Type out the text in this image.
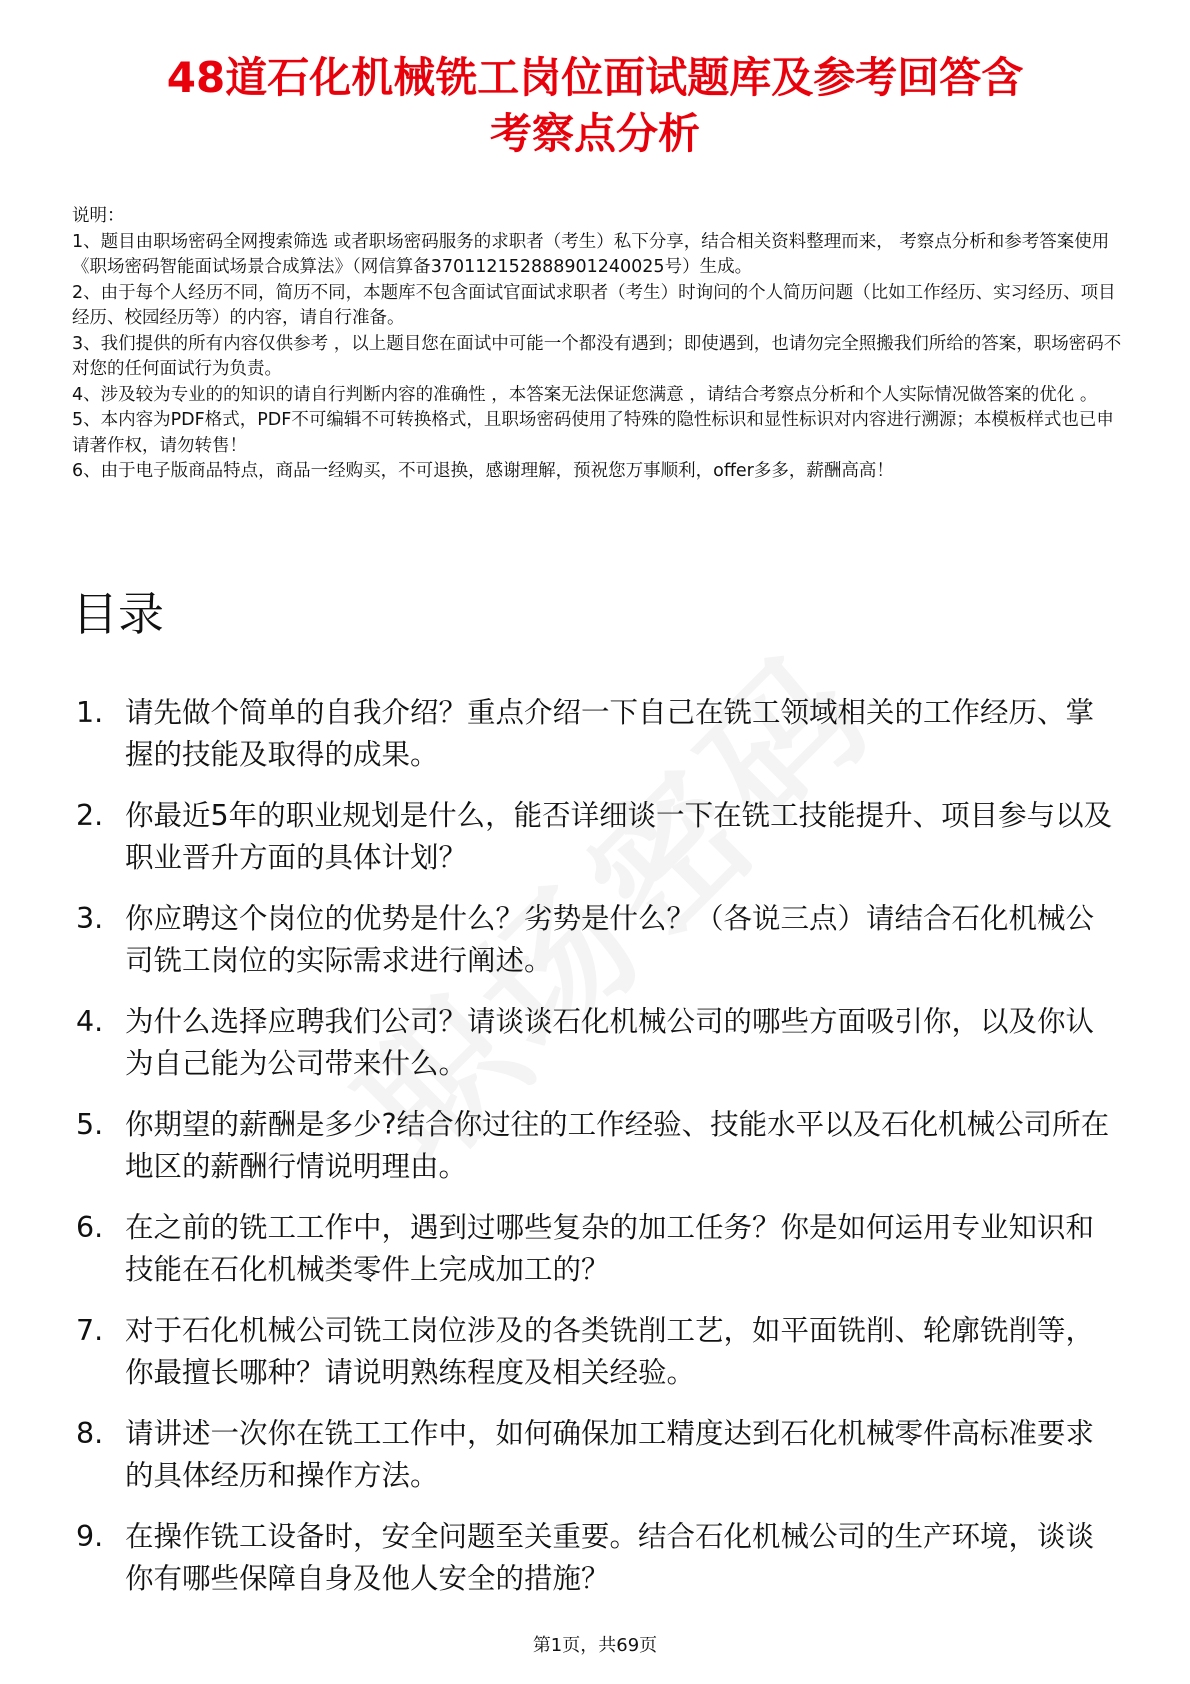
48道石化机械铣工岗位面试题库及参考回答含
考察点分析

说明：

1、题目由职场密码全网搜索筛选 或者职场密码服务的求职者（考生）私下分享，结合相关资料整理而来， 考察点分析和参考答案使用《职场密码智能面试场景合成算法》（网信算备370112152888901240025号）生成。

2、由于每个人经历不同，简历不同，本题库不包含面试官面试求职者（考生）时询问的个人简历问题（比如工作经历、实习经历、项目经历、校园经历等）的内容，请自行准备。

3、我们提供的所有内容仅供参考 ，以上题目您在面试中可能一个都没有遇到；即使遇到，也请勿完全照搬我们所给的答案，职场密码不对您的任何面试行为负责。

4、涉及较为专业的的知识的请自行判断内容的准确性 ，本答案无法保证您满意 ，请结合考察点分析和个人实际情况做答案的优化 。

5、本内容为PDF格式，PDF不可编辑不可转换格式，且职场密码使用了特殊的隐性标识和显性标识对内容进行溯源；本模板样式也已申请著作权，请勿转售！

6、由于电子版商品特点，商品一经购买，不可退换，感谢理解，预祝您万事顺利，offer多多，薪酬高高！

目录
1. 请先做个简单的自我介绍？重点介绍一下自己在铣工领域相关的工作经历、掌握的技能及取得的成果。
2. 你最近5年的职业规划是什么，能否详细谈一下在铣工技能提升、项目参与以及职业晋升方面的具体计划？
3. 你应聘这个岗位的优势是什么？劣势是什么？（各说三点）请结合石化机械公司铣工岗位的实际需求进行阐述。
4. 为什么选择应聘我们公司？请谈谈石化机械公司的哪些方面吸引你，以及你认为自己能为公司带来什么。
5. 你期望的薪酬是多少?结合你过往的工作经验、技能水平以及石化机械公司所在地区的薪酬行情说明理由。
6. 在之前的铣工工作中，遇到过哪些复杂的加工任务？你是如何运用专业知识和技能在石化机械类零件上完成加工的？
7. 对于石化机械公司铣工岗位涉及的各类铣削工艺，如平面铣削、轮廓铣削等，你最擅长哪种？请说明熟练程度及相关经验。
8. 请讲述一次你在铣工工作中，如何确保加工精度达到石化机械零件高标准要求的具体经历和操作方法。
9. 在操作铣工设备时，安全问题至关重要。结合石化机械公司的生产环境，谈谈你有哪些保障自身及他人安全的措施？
第1页，共69页
